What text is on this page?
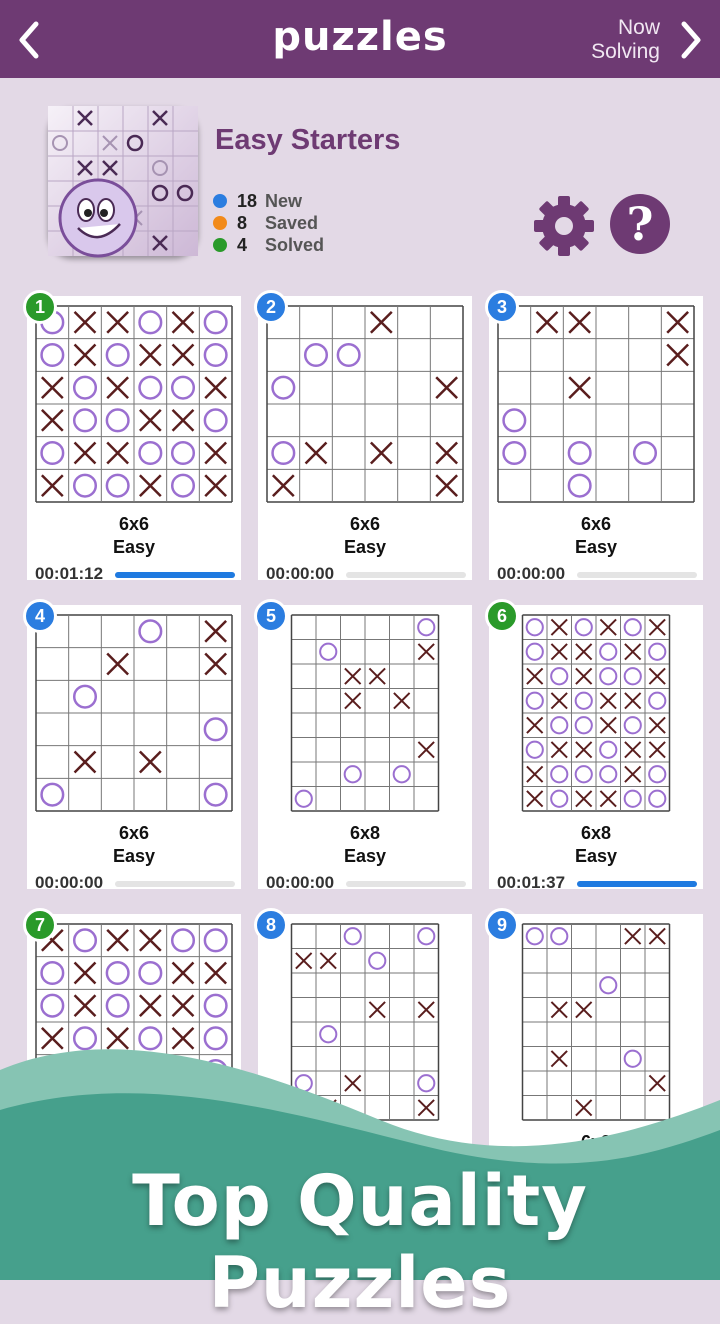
puzzles	Now
Solving
Easy Starters
18 New
8 Saved
4 Solved	?
1
6x6
Easy
00:01:12
2
6x6
Easy
00:00:00
3
6x6
Easy
00:00:00
4
6x6
Easy
00:00:00
5
6x8
Easy
00:00:00
6
6x8
Easy
00:01:37
7	8	9
Top Quality Puzzles
